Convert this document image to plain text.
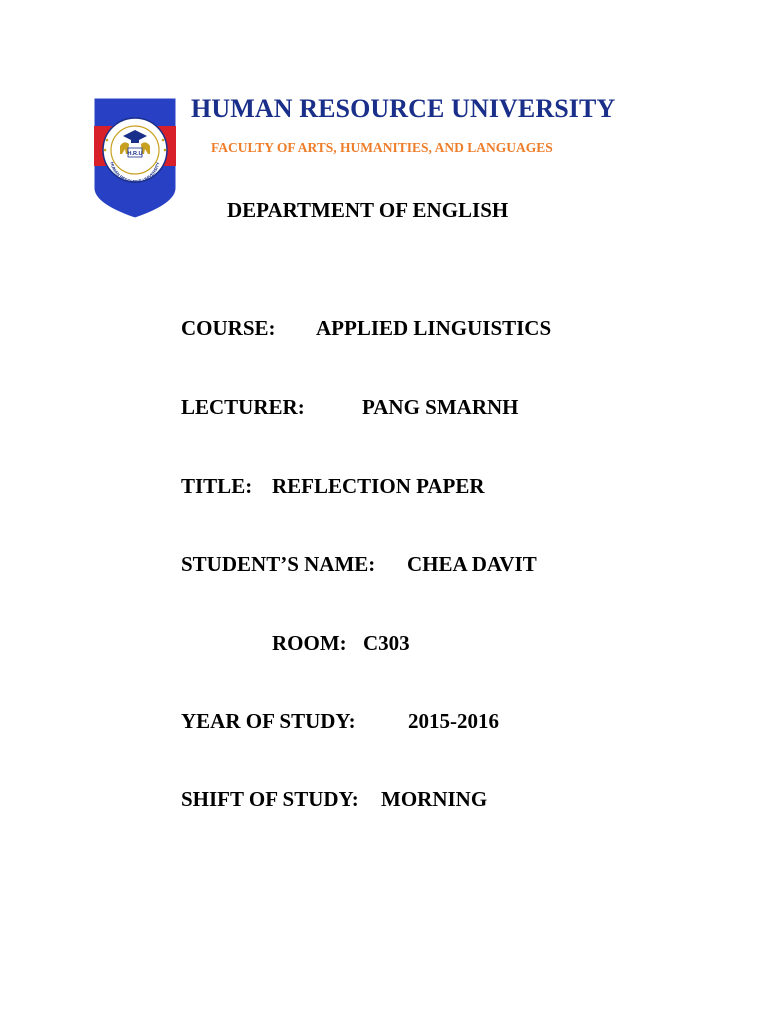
H.R.U
HUMAN RESOURCE UNIVERSITY
HUMAN RESOURCE UNIVERSITY
FACULTY OF ARTS, HUMANITIES, AND LANGUAGES
DEPARTMENT OF ENGLISH
COURSE: APPLIED LINGUISTICS
LECTURER:	PANG SMARNH
TITLE: REFLECTION PAPER
STUDENT’S NAME: CHEA DAVIT
ROOM: C303
YEAR OF STUDY: 2015-2016
SHIFT OF STUDY: MORNING
